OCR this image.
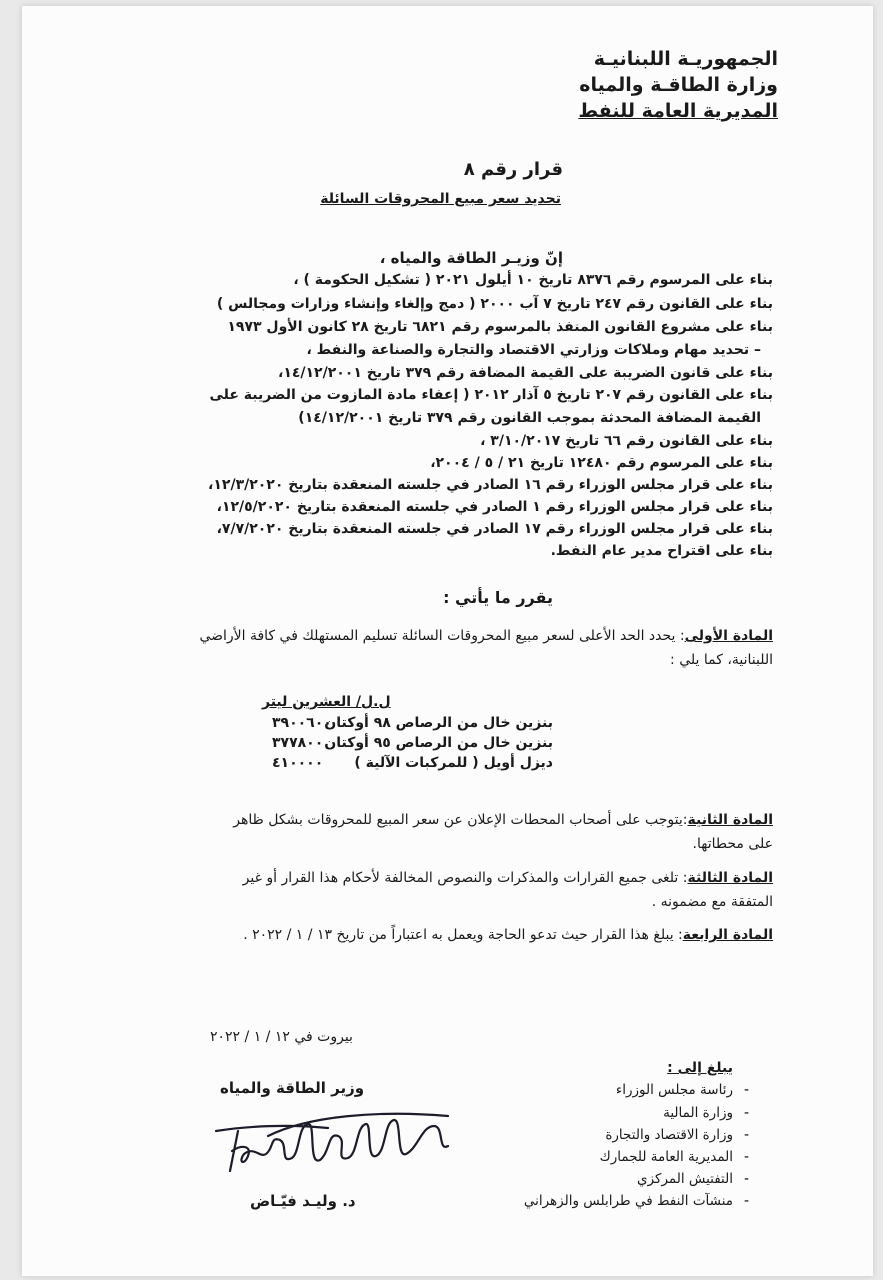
الجمهوريـة اللبنانيـة
وزارة الطاقـة والمياه
المديرية العامة للنفط
قرار رقم ٨
تحديد سعر مبيع المحروقات السائلة
إنّ وزيـر الطاقة والمياه ،
بناء على المرسوم رقم ٨٣٧٦ تاريخ ١٠ أيلول ٢٠٢١ ( تشكيل الحكومة ) ،
بناء على القانون رقم ٢٤٧ تاريخ ٧ آب ٢٠٠٠ ( دمج وإلغاء وإنشاء وزارات ومجالس )
بناء على مشروع القانون المنفذ بالمرسوم رقم ٦٨٢١ تاريخ ٢٨ كانون الأول ١٩٧٣
– تحديد مهام وملاكات وزارتي الاقتصاد والتجارة والصناعة والنفط ،
بناء على قانون الضريبة على القيمة المضافة رقم ٣٧٩ تاريخ ١٤/١٢/٢٠٠١،
بناء على القانون رقم ٢٠٧ تاريخ ٥ آذار ٢٠١٢ ( إعفاء مادة المازوت من الضريبة على
القيمة المضافة المحدثة بموجب القانون رقم ٣٧٩ تاريخ ١٤/١٢/٢٠٠١)
بناء على القانون رقم ٦٦ تاريخ ٣/١٠/٢٠١٧ ،
بناء على المرسوم رقم ١٢٤٨٠ تاريخ ٢١ / ٥ / ٢٠٠٤،
بناء على قرار مجلس الوزراء رقم ١٦ الصادر في جلسته المنعقدة بتاريخ ١٢/٣/٢٠٢٠،
بناء على قرار مجلس الوزراء رقم ١ الصادر في جلسته المنعقدة بتاريخ ١٢/٥/٢٠٢٠،
بناء على قرار مجلس الوزراء رقم ١٧ الصادر في جلسته المنعقدة بتاريخ ٧/٧/٢٠٢٠،
بناء على اقتراح مدير عام النفط.
يقرر ما يأتي :
المادة الأولى: يحدد الحد الأعلى لسعر مبيع المحروقات السائلة تسليم المستهلك في كافة الأراضي
اللبنانية، كما يلي :
ل.ل/ العشرين ليتر
بنزين خال من الرصاص ٩٨ أوكتان
٣٩٠٠٦٠٠
بنزين خال من الرصاص ٩٥ أوكتان
٣٧٧٨٠٠
ديزل أويل ( للمركبات الآلية )
٤١٠٠٠٠
المادة الثانية:يتوجب على أصحاب المحطات الإعلان عن سعر المبيع للمحروقات بشكل ظاهر
على محطاتها.
المادة الثالثة: تلغى جميع القرارات والمذكرات والنصوص المخالفة لأحكام هذا القرار أو غير
المتفقة مع مضمونه .
المادة الرابعة: يبلغ هذا القرار حيث تدعو الحاجة ويعمل به اعتباراً من تاريخ ١٣ / ١ / ٢٠٢٢ .
بيروت في ١٢ / ١ / ٢٠٢٢
وزير الطاقة والمياه
د. وليـد فيّـاض
يبلغ إلى :
رئاسة مجلس الوزراء -
وزارة المالية -
وزارة الاقتصاد والتجارة -
المديرية العامة للجمارك -
التفتيش المركزي -
منشآت النفط في طرابلس والزهراني -
